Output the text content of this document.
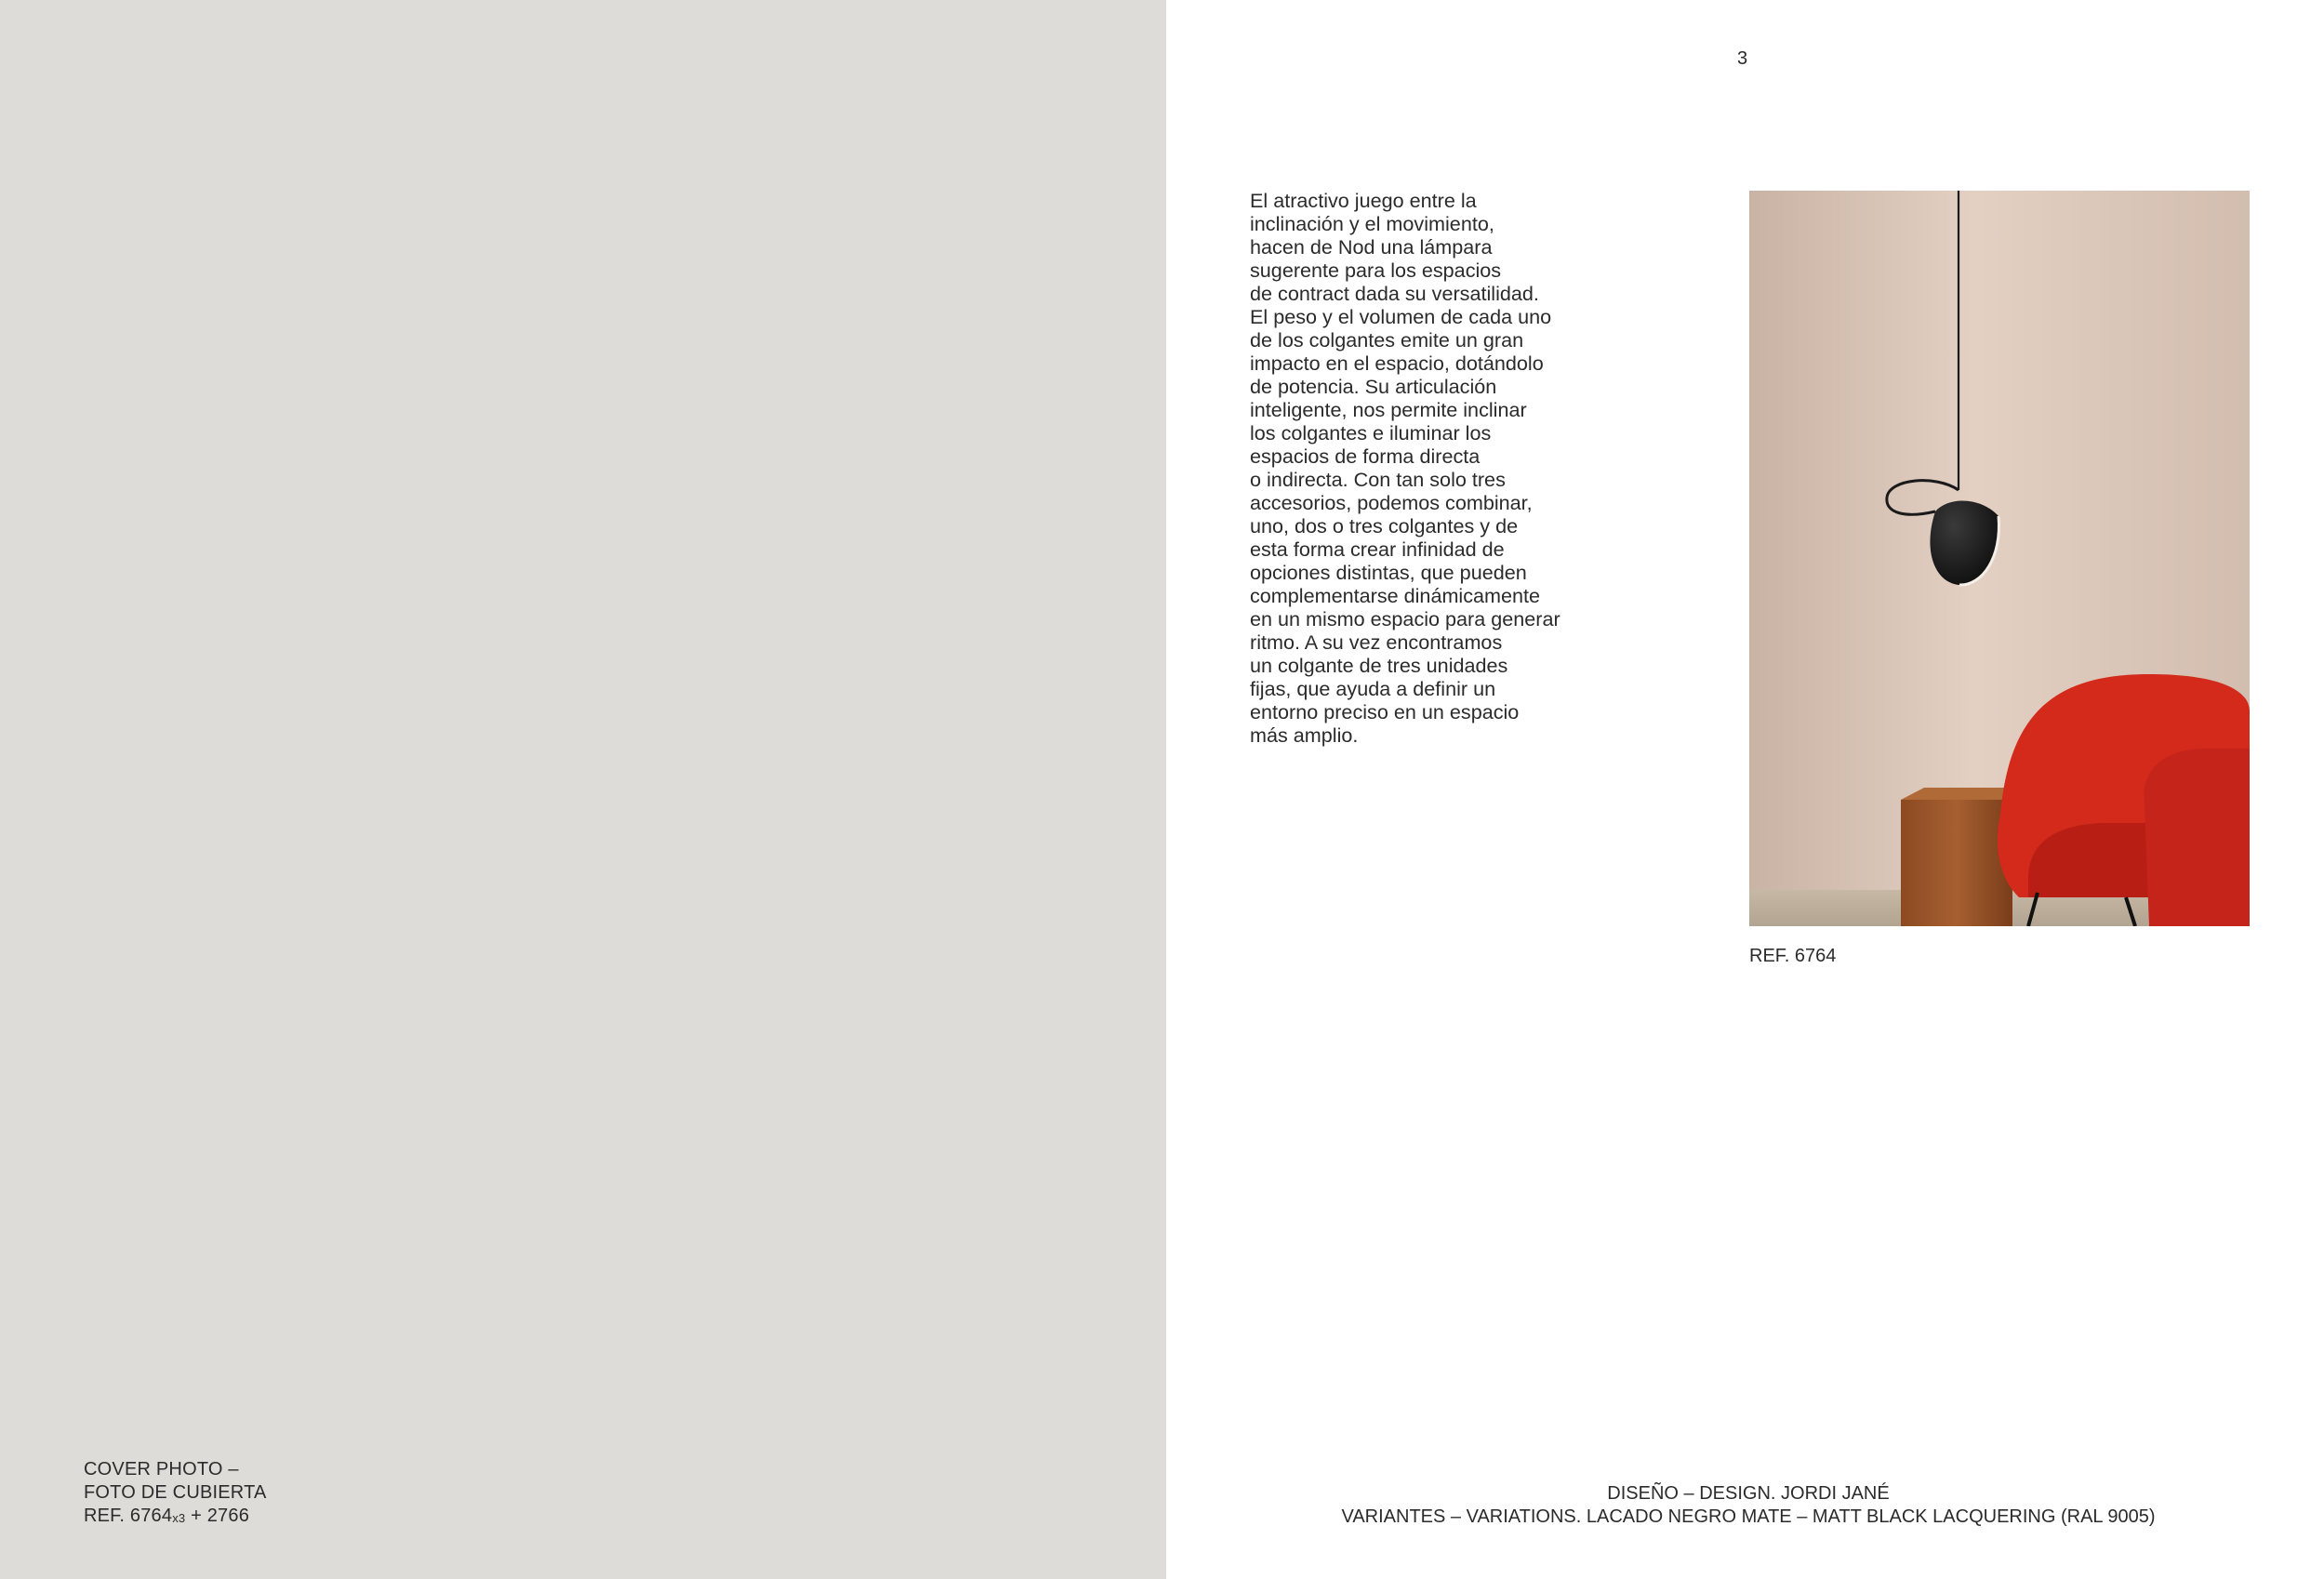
COVER PHOTO –
FOTO DE CUBIERTA
REF. $6764_{x3} + 2766$
3
El atractivo juego entre la
inclinación y el movimiento,
hacen de Nod una lámpara
sugerente para los espacios
de contract dada su versatilidad.
El peso y el volumen de cada uno
de los colgantes emite un gran
impacto en el espacio, dotándolo
de potencia. Su articulación
inteligente, nos permite inclinar
los colgantes e iluminar los
espacios de forma directa
o indirecta. Con tan solo tres
accesorios, podemos combinar,
uno, dos o tres colgantes y de
esta forma crear infinidad de
opciones distintas, que pueden
complementarse dinámicamente
en un mismo espacio para generar
ritmo. A su vez encontramos
un colgante de tres unidades
fijas, que ayuda a definir un
entorno preciso en un espacio
más amplio.
REF. 6764
DISEÑO – DESIGN. JORDI JANÉ
VARIANTES – VARIATIONS. LACADO NEGRO MATE – MATT BLACK LACQUERING (RAL 9005)
